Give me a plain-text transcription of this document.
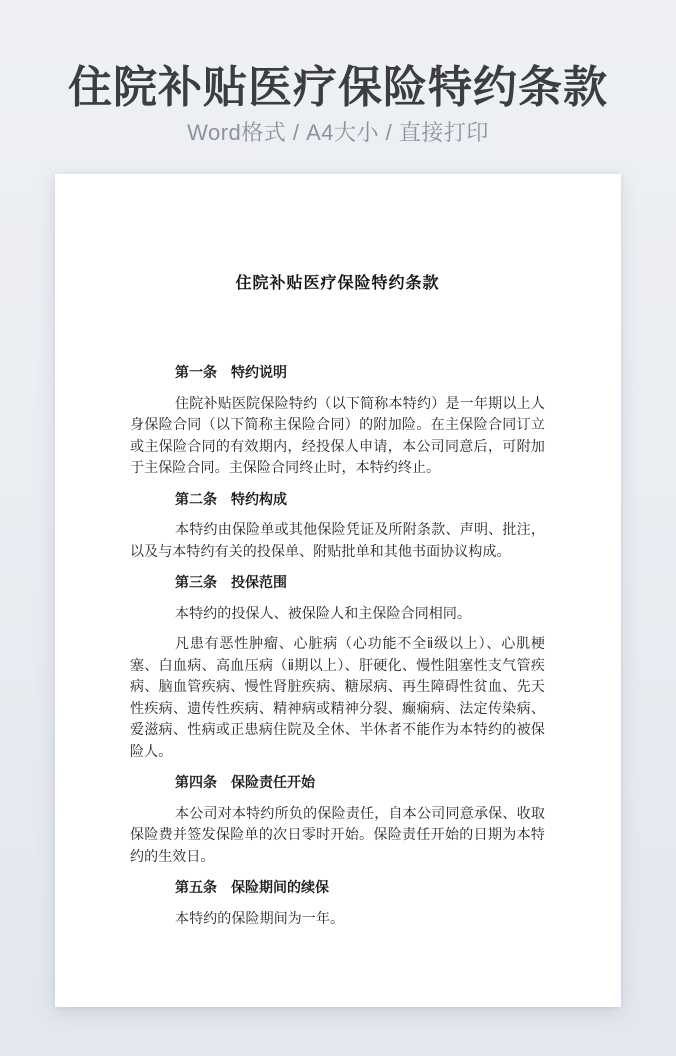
住院补贴医疗保险特约条款
Word格式 / A4大小 / 直接打印
住院补贴医疗保险特约条款

第一条　特约说明

住院补贴医院保险特约（以下简称本特约）是一年期以上人身保险合同（以下简称主保险合同）的附加险。在主保险合同订立或主保险合同的有效期内，经投保人申请，本公司同意后，可附加于主保险合同。主保险合同终止时，本特约终止。

第二条　特约构成

本特约由保险单或其他保险凭证及所附条款、声明、批注，以及与本特约有关的投保单、附贴批单和其他书面协议构成。

第三条　投保范围

本特约的投保人、被保险人和主保险合同相同。

凡患有恶性肿瘤、心脏病（心功能不全ⅱ级以上）、心肌梗塞、白血病、高血压病（ⅱ期以上）、肝硬化、慢性阻塞性支气管疾病、脑血管疾病、慢性肾脏疾病、糖尿病、再生障碍性贫血、先天性疾病、遗传性疾病、精神病或精神分裂、癫痫病、法定传染病、爱滋病、性病或正患病住院及全休、半休者不能作为本特约的被保险人。

第四条　保险责任开始

本公司对本特约所负的保险责任，自本公司同意承保、收取保险费并签发保险单的次日零时开始。保险责任开始的日期为本特约的生效日。

第五条　保险期间的续保

本特约的保险期间为一年。
